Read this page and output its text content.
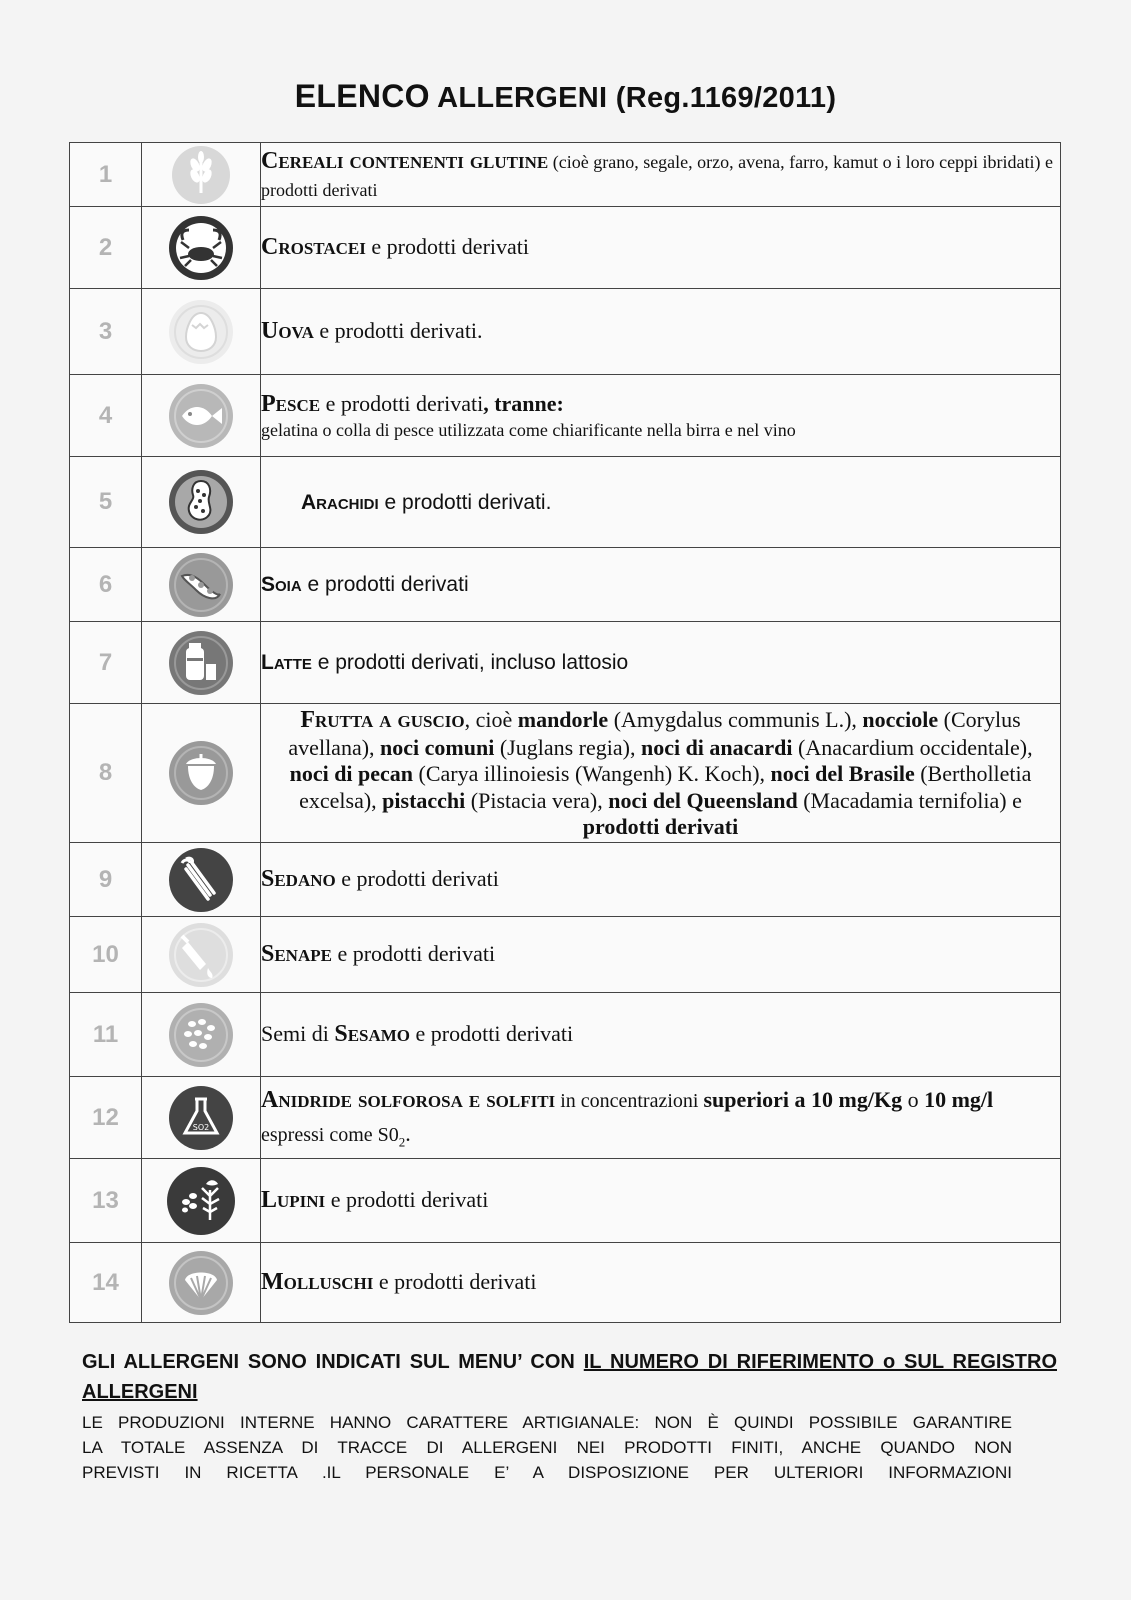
ELENCO ALLERGENI (Reg.1169/2011)
1		Cereali contenenti glutine (cioè grano, segale, orzo, avena, farro, kamut o i loro ceppi ibridati) e prodotti derivati
2		Crostacei e prodotti derivati
3		Uova e prodotti derivati.
4		Pesce e prodotti derivati, tranne:
gelatina o colla di pesce utilizzata come chiarificante nella birra e nel vino

5		Arachidi e prodotti derivati.
6		Soia e prodotti derivati
7		Latte e prodotti derivati, incluso lattosio
8		Frutta a guscio, cioè mandorle (Amygdalus communis L.), nocciole (Corylus avellana), noci comuni (Juglans regia), noci di anacardi (Anacardium occidentale), noci di pecan (Carya illinoiesis (Wangenh) K. Koch), noci del Brasile (Bertholletia excelsa), pistacchi (Pistacia vera), noci del Queensland (Macadamia ternifolia) e prodotti derivati
9		Sedano e prodotti derivati
10		Senape e prodotti derivati
11		Semi di Sesamo e prodotti derivati
12	SO2	Anidride solforosa e solfiti in concentrazioni superiori a 10 mg/Kg o 10 mg/l espressi come $S0_2$.
13		Lupini e prodotti derivati
14		Molluschi e prodotti derivati
GLI ALLERGENI SONO INDICATI SUL MENU’ CON IL NUMERO DI RIFERIMENTO o SUL REGISTRO ALLERGENI
LE PRODUZIONI INTERNE HANNO CARATTERE ARTIGIANALE: NON È QUINDI POSSIBILE GARANTIRE
LA TOTALE ASSENZA DI TRACCE DI ALLERGENI NEI PRODOTTI FINITI, ANCHE QUANDO NON
PREVISTI IN RICETTA .IL PERSONALE E’ A DISPOSIZIONE PER ULTERIORI INFORMAZIONI
